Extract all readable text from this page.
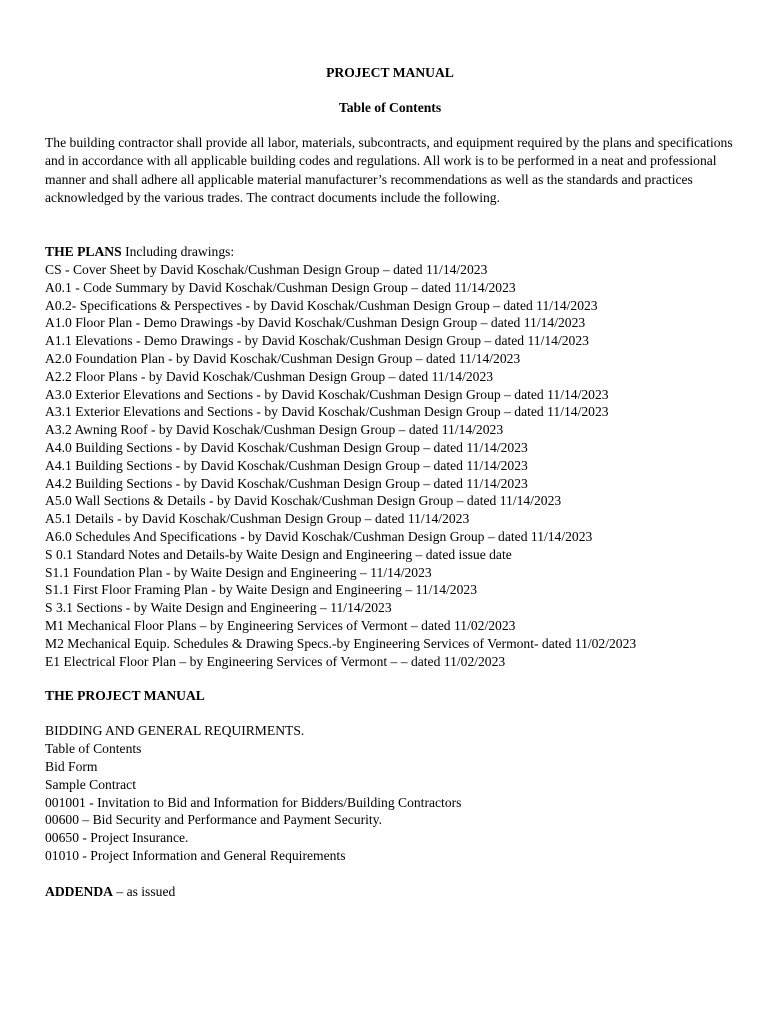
PROJECT MANUAL
Table of Contents
The building contractor shall provide all labor, materials, subcontracts, and equipment required by the plans and specifications and in accordance with all applicable building codes and regulations. All work is to be performed in a neat and professional manner and shall adhere all applicable material manufacturer’s recommendations as well as the standards and practices acknowledged by the various trades. The contract documents include the following.
THE PLANS Including drawings:
CS - Cover Sheet by David Koschak/Cushman Design Group – dated 11/14/2023
A0.1 - Code Summary by David Koschak/Cushman Design Group – dated 11/14/2023
A0.2- Specifications & Perspectives - by David Koschak/Cushman Design Group – dated 11/14/2023
A1.0 Floor Plan - Demo Drawings -by David Koschak/Cushman Design Group – dated 11/14/2023
A1.1 Elevations - Demo Drawings - by David Koschak/Cushman Design Group – dated 11/14/2023
A2.0 Foundation Plan - by David Koschak/Cushman Design Group – dated 11/14/2023
A2.2 Floor Plans - by David Koschak/Cushman Design Group – dated 11/14/2023
A3.0 Exterior Elevations and Sections - by David Koschak/Cushman Design Group – dated 11/14/2023
A3.1 Exterior Elevations and Sections - by David Koschak/Cushman Design Group – dated 11/14/2023
A3.2 Awning Roof - by David Koschak/Cushman Design Group – dated 11/14/2023
A4.0 Building Sections - by David Koschak/Cushman Design Group – dated 11/14/2023
A4.1 Building Sections - by David Koschak/Cushman Design Group – dated 11/14/2023
A4.2 Building Sections - by David Koschak/Cushman Design Group – dated 11/14/2023
A5.0 Wall Sections & Details - by David Koschak/Cushman Design Group – dated 11/14/2023
A5.1 Details - by David Koschak/Cushman Design Group – dated 11/14/2023
A6.0 Schedules And Specifications - by David Koschak/Cushman Design Group – dated 11/14/2023
S 0.1 Standard Notes and Details-by Waite Design and Engineering – dated issue date
S1.1 Foundation Plan - by Waite Design and Engineering – 11/14/2023
S1.1 First Floor Framing Plan - by Waite Design and Engineering – 11/14/2023
S 3.1 Sections - by Waite Design and Engineering – 11/14/2023
M1 Mechanical Floor Plans – by Engineering Services of Vermont – dated 11/02/2023
M2 Mechanical Equip. Schedules & Drawing Specs.-by Engineering Services of Vermont- dated 11/02/2023
E1 Electrical Floor Plan – by Engineering Services of Vermont – – dated 11/02/2023
THE PROJECT MANUAL
BIDDING AND GENERAL REQUIRMENTS.
Table of Contents
Bid Form
Sample Contract
001001 - Invitation to Bid and Information for Bidders/Building Contractors
00600 – Bid Security and Performance and Payment Security.
00650 - Project Insurance.
01010 - Project Information and General Requirements
ADDENDA – as issued
